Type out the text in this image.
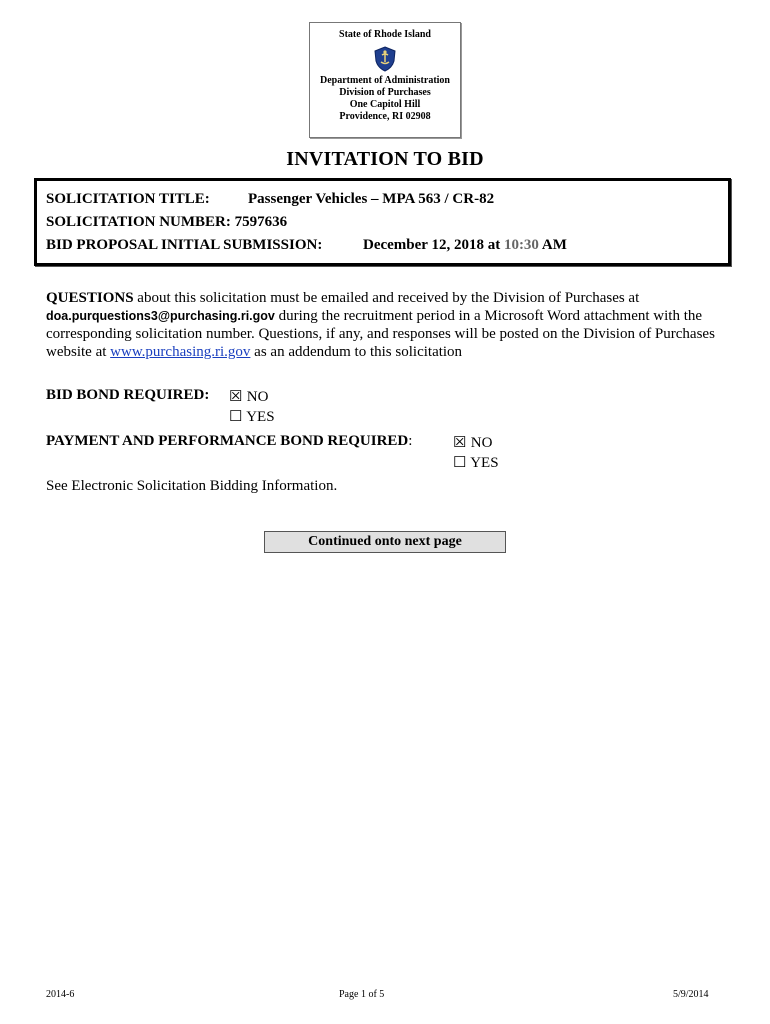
State of Rhode Island
Department of Administration
Division of Purchases
One Capitol Hill
Providence, RI 02908
INVITATION TO BID
SOLICITATION TITLE:	Passenger Vehicles – MPA 563 / CR-82
SOLICITATION NUMBER: 7597636
BID PROPOSAL INITIAL SUBMISSION:	December 12, 2018 at 10:30 AM
QUESTIONS about this solicitation must be emailed and received by the Division of Purchases at
doa.purquestions3@purchasing.ri.gov during the recruitment period in a Microsoft Word attachment with the corresponding solicitation number. Questions, if any, and responses will be posted on the Division of Purchases website at www.purchasing.ri.gov as an addendum to this solicitation
BID BOND REQUIRED: ☒ NO
☐ YES
PAYMENT AND PERFORMANCE BOND REQUIRED:	☒ NO
☐ YES
See Electronic Solicitation Bidding Information.
Continued onto next page
2014-6	Page 1 of 5	5/9/2014
